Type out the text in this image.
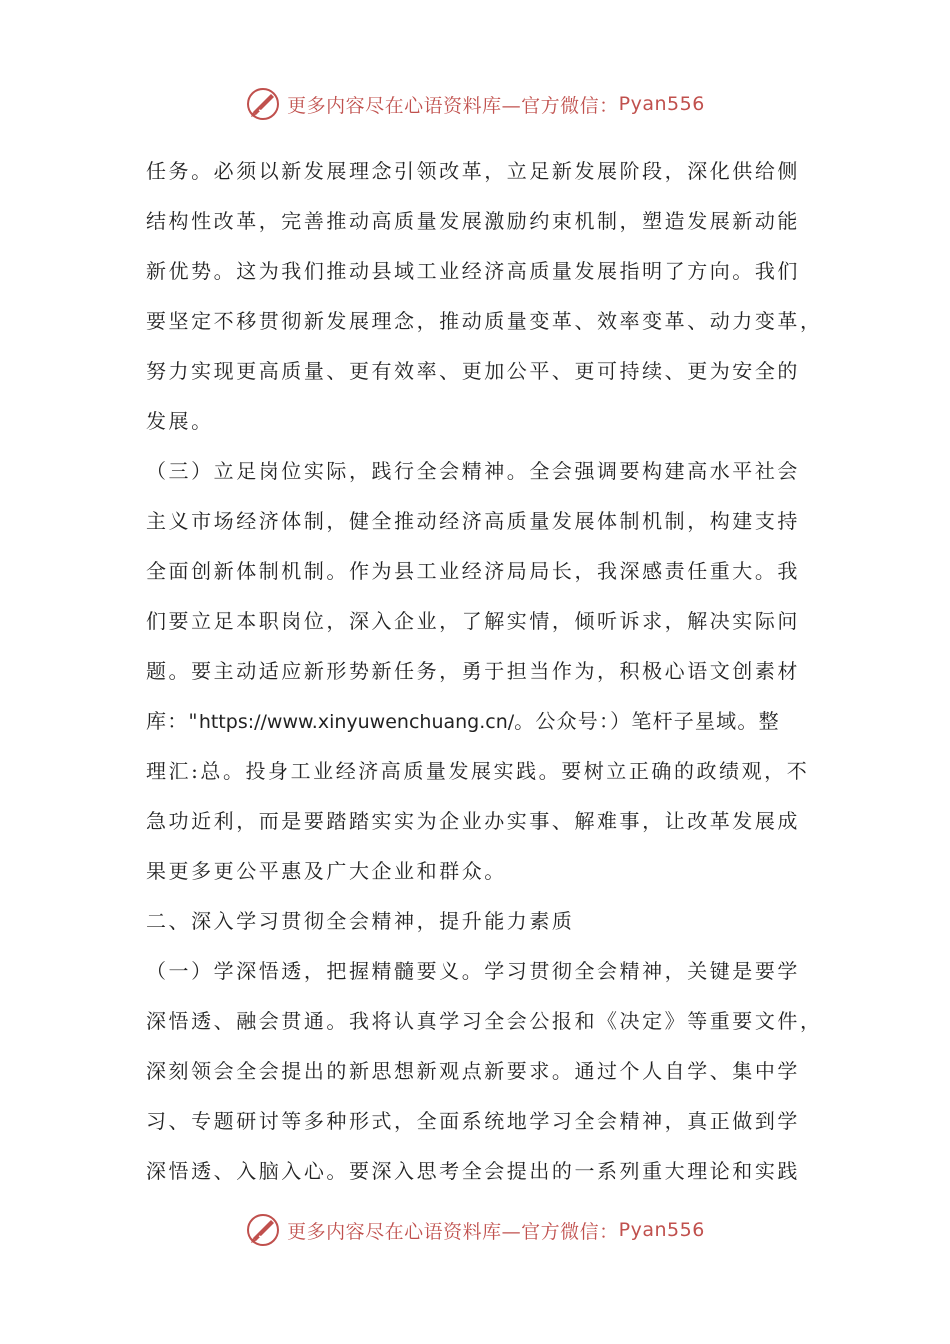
更多内容尽在心语资料库—官方微信： Pyan556
任务。必须以新发展理念引领改革，立足新发展阶段，深化供给侧
结构性改革，完善推动高质量发展激励约束机制，塑造发展新动能
新优势。这为我们推动县域工业经济高质量发展指明了方向。我们
要坚定不移贯彻新发展理念，推动质量变革、效率变革、动力变革，
努力实现更高质量、更有效率、更加公平、更可持续、更为安全的
发展。
（三）立足岗位实际，践行全会精神。全会强调要构建高水平社会
主义市场经济体制，健全推动经济高质量发展体制机制，构建支持
全面创新体制机制。作为县工业经济局局长，我深感责任重大。我
们要立足本职岗位，深入企业，了解实情，倾听诉求，解决实际问
题。要主动适应新形势新任务，勇于担当作为，积极心语文创素材
库："https://www.xinyuwenchuang.cn/。公众号：）笔杆子星域。整
理汇:总。投身工业经济高质量发展实践。要树立正确的政绩观，不
急功近利，而是要踏踏实实为企业办实事、解难事，让改革发展成
果更多更公平惠及广大企业和群众。
二、深入学习贯彻全会精神，提升能力素质
（一）学深悟透，把握精髓要义。学习贯彻全会精神，关键是要学
深悟透、融会贯通。我将认真学习全会公报和《决定》等重要文件，
深刻领会全会提出的新思想新观点新要求。通过个人自学、集中学
习、专题研讨等多种形式，全面系统地学习全会精神，真正做到学
深悟透、入脑入心。要深入思考全会提出的一系列重大理论和实践
更多内容尽在心语资料库—官方微信： Pyan556
